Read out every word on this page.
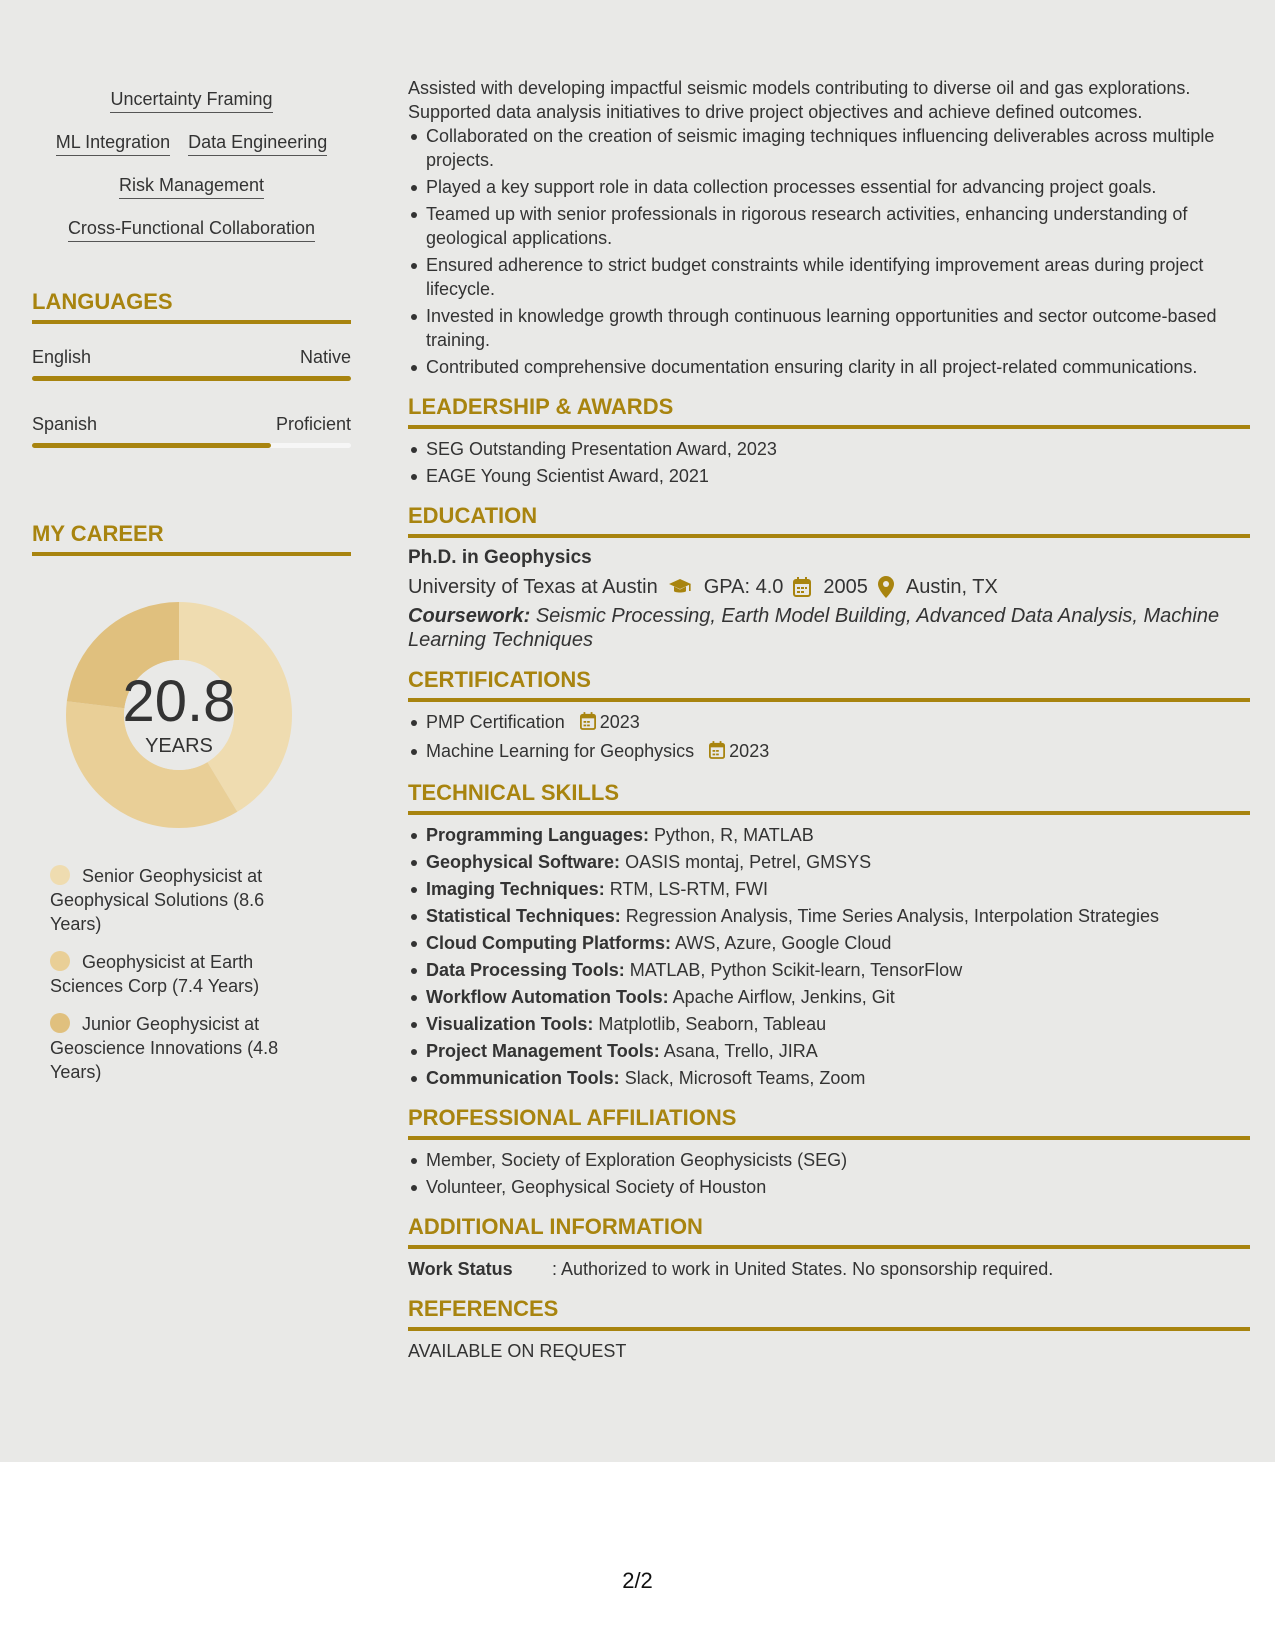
Uncertainty Framing
ML Integration Data Engineering
Risk Management
Cross-Functional Collaboration
LANGUAGES
English	Native
Spanish	Proficient
MY CAREER
20.8
YEARS
Senior Geophysicist at Geophysical Solutions (8.6 Years)
Geophysicist at Earth Sciences Corp (7.4 Years)
Junior Geophysicist at Geoscience Innovations (4.8 Years)

Assisted with developing impactful seismic models contributing to diverse oil and gas explorations. Supported data analysis initiatives to drive project objectives and achieve defined outcomes.

Collaborated on the creation of seismic imaging techniques influencing deliverables across multiple projects.
Played a key support role in data collection processes essential for advancing project goals.
Teamed up with senior professionals in rigorous research activities, enhancing understanding of geological applications.
Ensured adherence to strict budget constraints while identifying improvement areas during project lifecycle.
Invested in knowledge growth through continuous learning opportunities and sector outcome-based training.
Contributed comprehensive documentation ensuring clarity in all project-related communications.
LEADERSHIP & AWARDS
SEG Outstanding Presentation Award, 2023
EAGE Young Scientist Award, 2021
EDUCATION
Ph.D. in Geophysics
University of Texas at Austin GPA: 4.0 2005 Austin, TX
Coursework: Seismic Processing, Earth Model Building, Advanced Data Analysis, Machine Learning Techniques
CERTIFICATIONS
PMP Certification 2023
Machine Learning for Geophysics 2023
TECHNICAL SKILLS
Programming Languages: Python, R, MATLAB
Geophysical Software: OASIS montaj, Petrel, GMSYS
Imaging Techniques: RTM, LS-RTM, FWI
Statistical Techniques: Regression Analysis, Time Series Analysis, Interpolation Strategies
Cloud Computing Platforms: AWS, Azure, Google Cloud
Data Processing Tools: MATLAB, Python Scikit-learn, TensorFlow
Workflow Automation Tools: Apache Airflow, Jenkins, Git
Visualization Tools: Matplotlib, Seaborn, Tableau
Project Management Tools: Asana, Trello, JIRA
Communication Tools: Slack, Microsoft Teams, Zoom
PROFESSIONAL AFFILIATIONS
Member, Society of Exploration Geophysicists (SEG)
Volunteer, Geophysical Society of Houston
ADDITIONAL INFORMATION
Work Status	: Authorized to work in United States. No sponsorship required.
REFERENCES
AVAILABLE ON REQUEST
2/2
